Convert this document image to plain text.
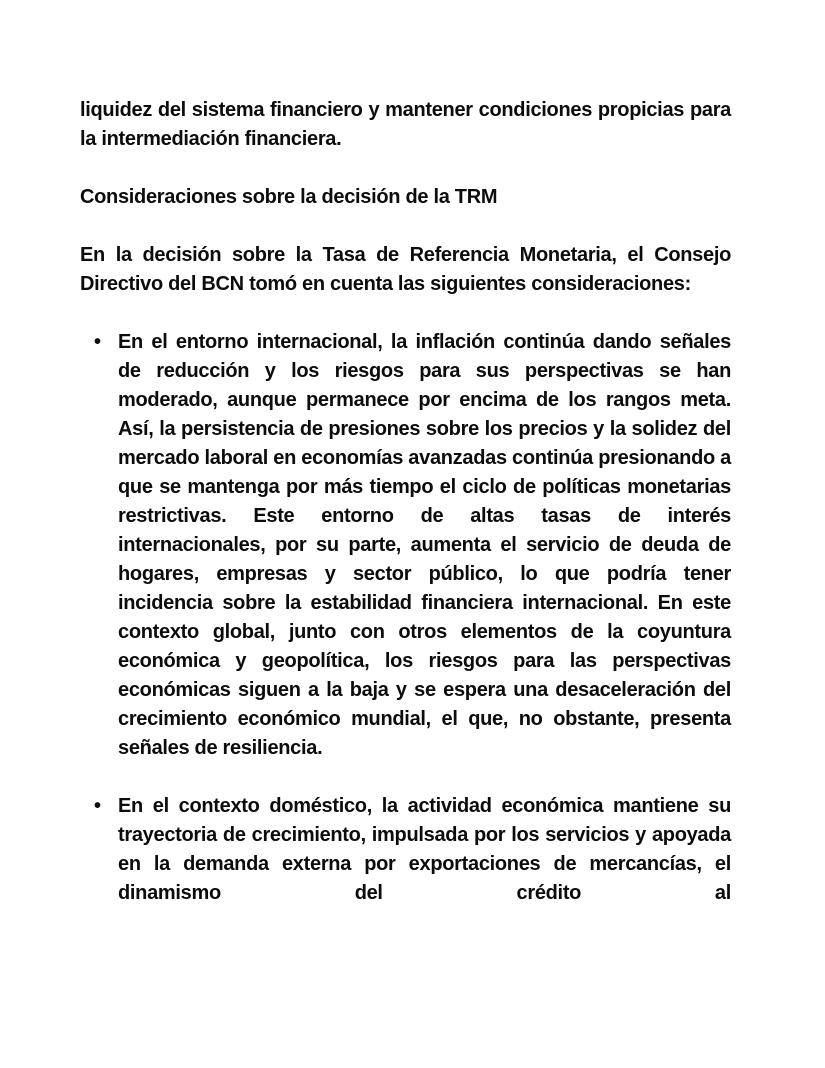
liquidez del sistema financiero y mantener condiciones propicias para la intermediación financiera.

Consideraciones sobre la decisión de la TRM

En la decisión sobre la Tasa de Referencia Monetaria, el Consejo Directivo del BCN tomó en cuenta las siguientes consideraciones:

• En el entorno internacional, la inflación continúa dando señales de reducción y los riesgos para sus perspectivas se han moderado, aunque permanece por encima de los rangos meta. Así, la persistencia de presiones sobre los precios y la solidez del mercado laboral en economías avanzadas continúa presionando a que se mantenga por más tiempo el ciclo de políticas monetarias restrictivas. Este entorno de altas tasas de interés internacionales, por su parte, aumenta el servicio de deuda de hogares, empresas y sector público, lo que podría tener incidencia sobre la estabilidad financiera internacional. En este contexto global, junto con otros elementos de la coyuntura económica y geopolítica, los riesgos para las perspectivas económicas siguen a la baja y se espera una desaceleración del crecimiento económico mundial, el que, no obstante, presenta señales de resiliencia.
• En el contexto doméstico, la actividad económica mantiene su trayectoria de crecimiento, impulsada por los servicios y apoyada en la demanda externa por exportaciones de mercancías, el dinamismo del crédito al
